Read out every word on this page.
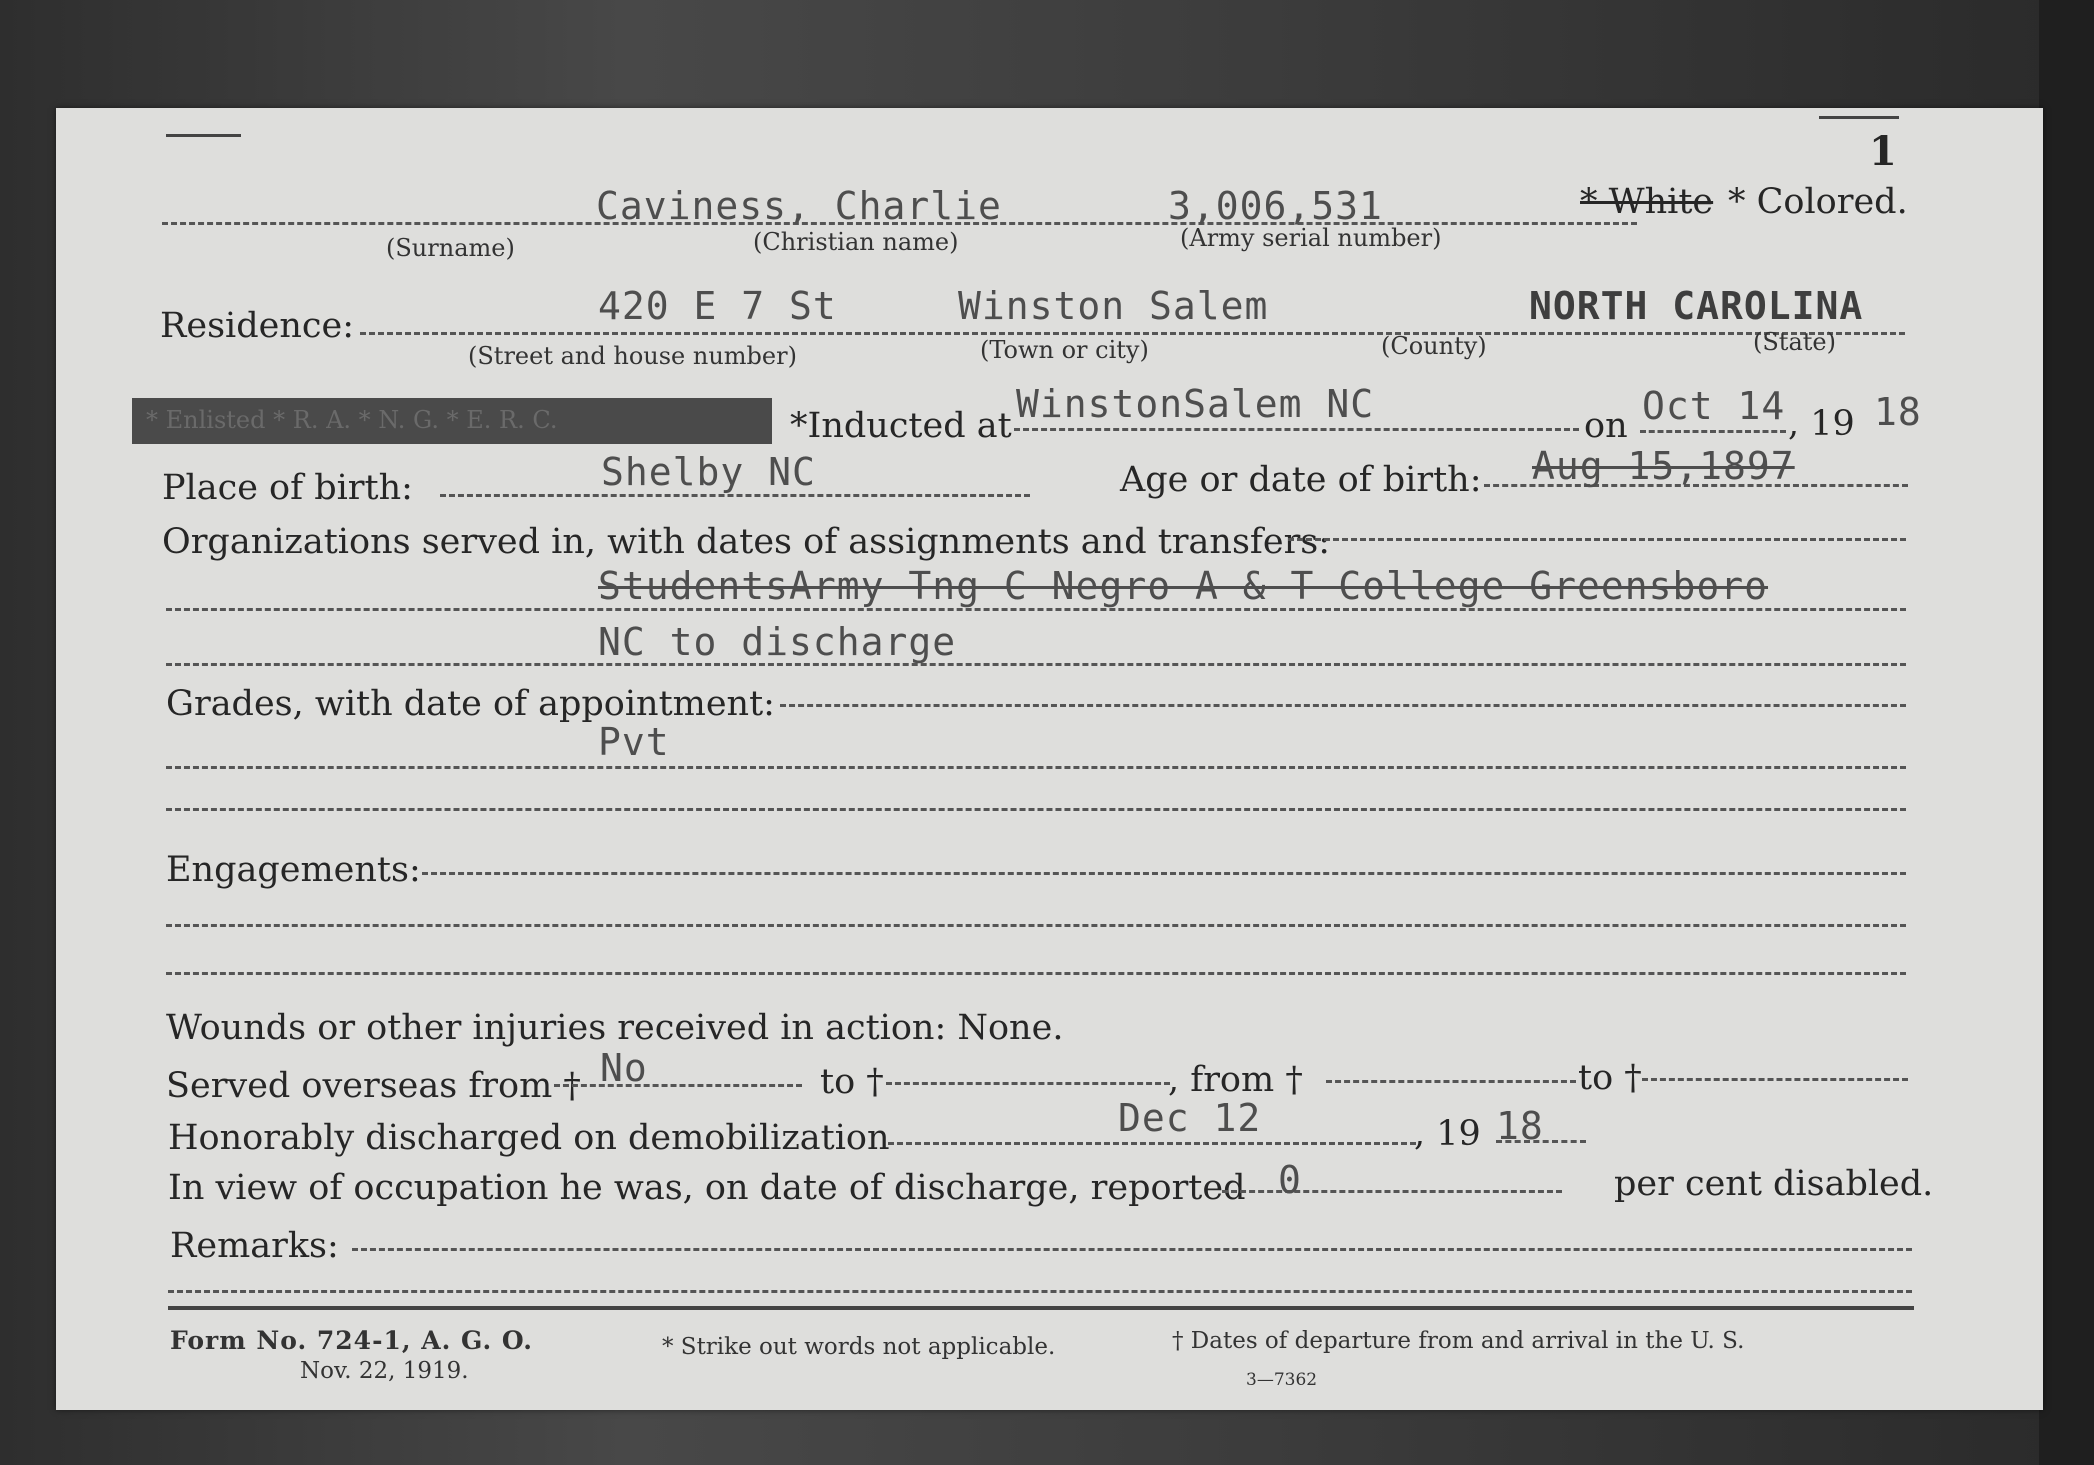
1
Caviness, Charlie	3,006,531	* White * Colored.
(Surname)	(Christian name)	(Army serial number)
Residence:	420 E 7 St	Winston Salem	NORTH CAROLINA
(Street and house number)	(Town or city)	(County)	(State)
* Enlisted * R. A. * N. G. * E. R. C.	*Inducted at WinstonSalem NC	on Oct 14 , 19 18
Place of birth:	Shelby NC	Age or date of birth: Aug 15,1897
Organizations served in, with dates of assignments and transfers:
StudentsArmy Tng C Negro A & T College Greensboro
NC to discharge
Grades, with date of appointment:
Pvt
Engagements:
Wounds or other injuries received in action: None.
Served overseas from † No	to †	, from †	to †
Honorably discharged on demobilization	Dec 12	, 19 18
In view of occupation he was, on date of discharge, reported 0	per cent disabled.
Remarks:
Form No. 724-1, A. G. O.
Nov. 22, 1919.
* Strike out words not applicable.	† Dates of departure from and arrival in the U. S.
3—7362
